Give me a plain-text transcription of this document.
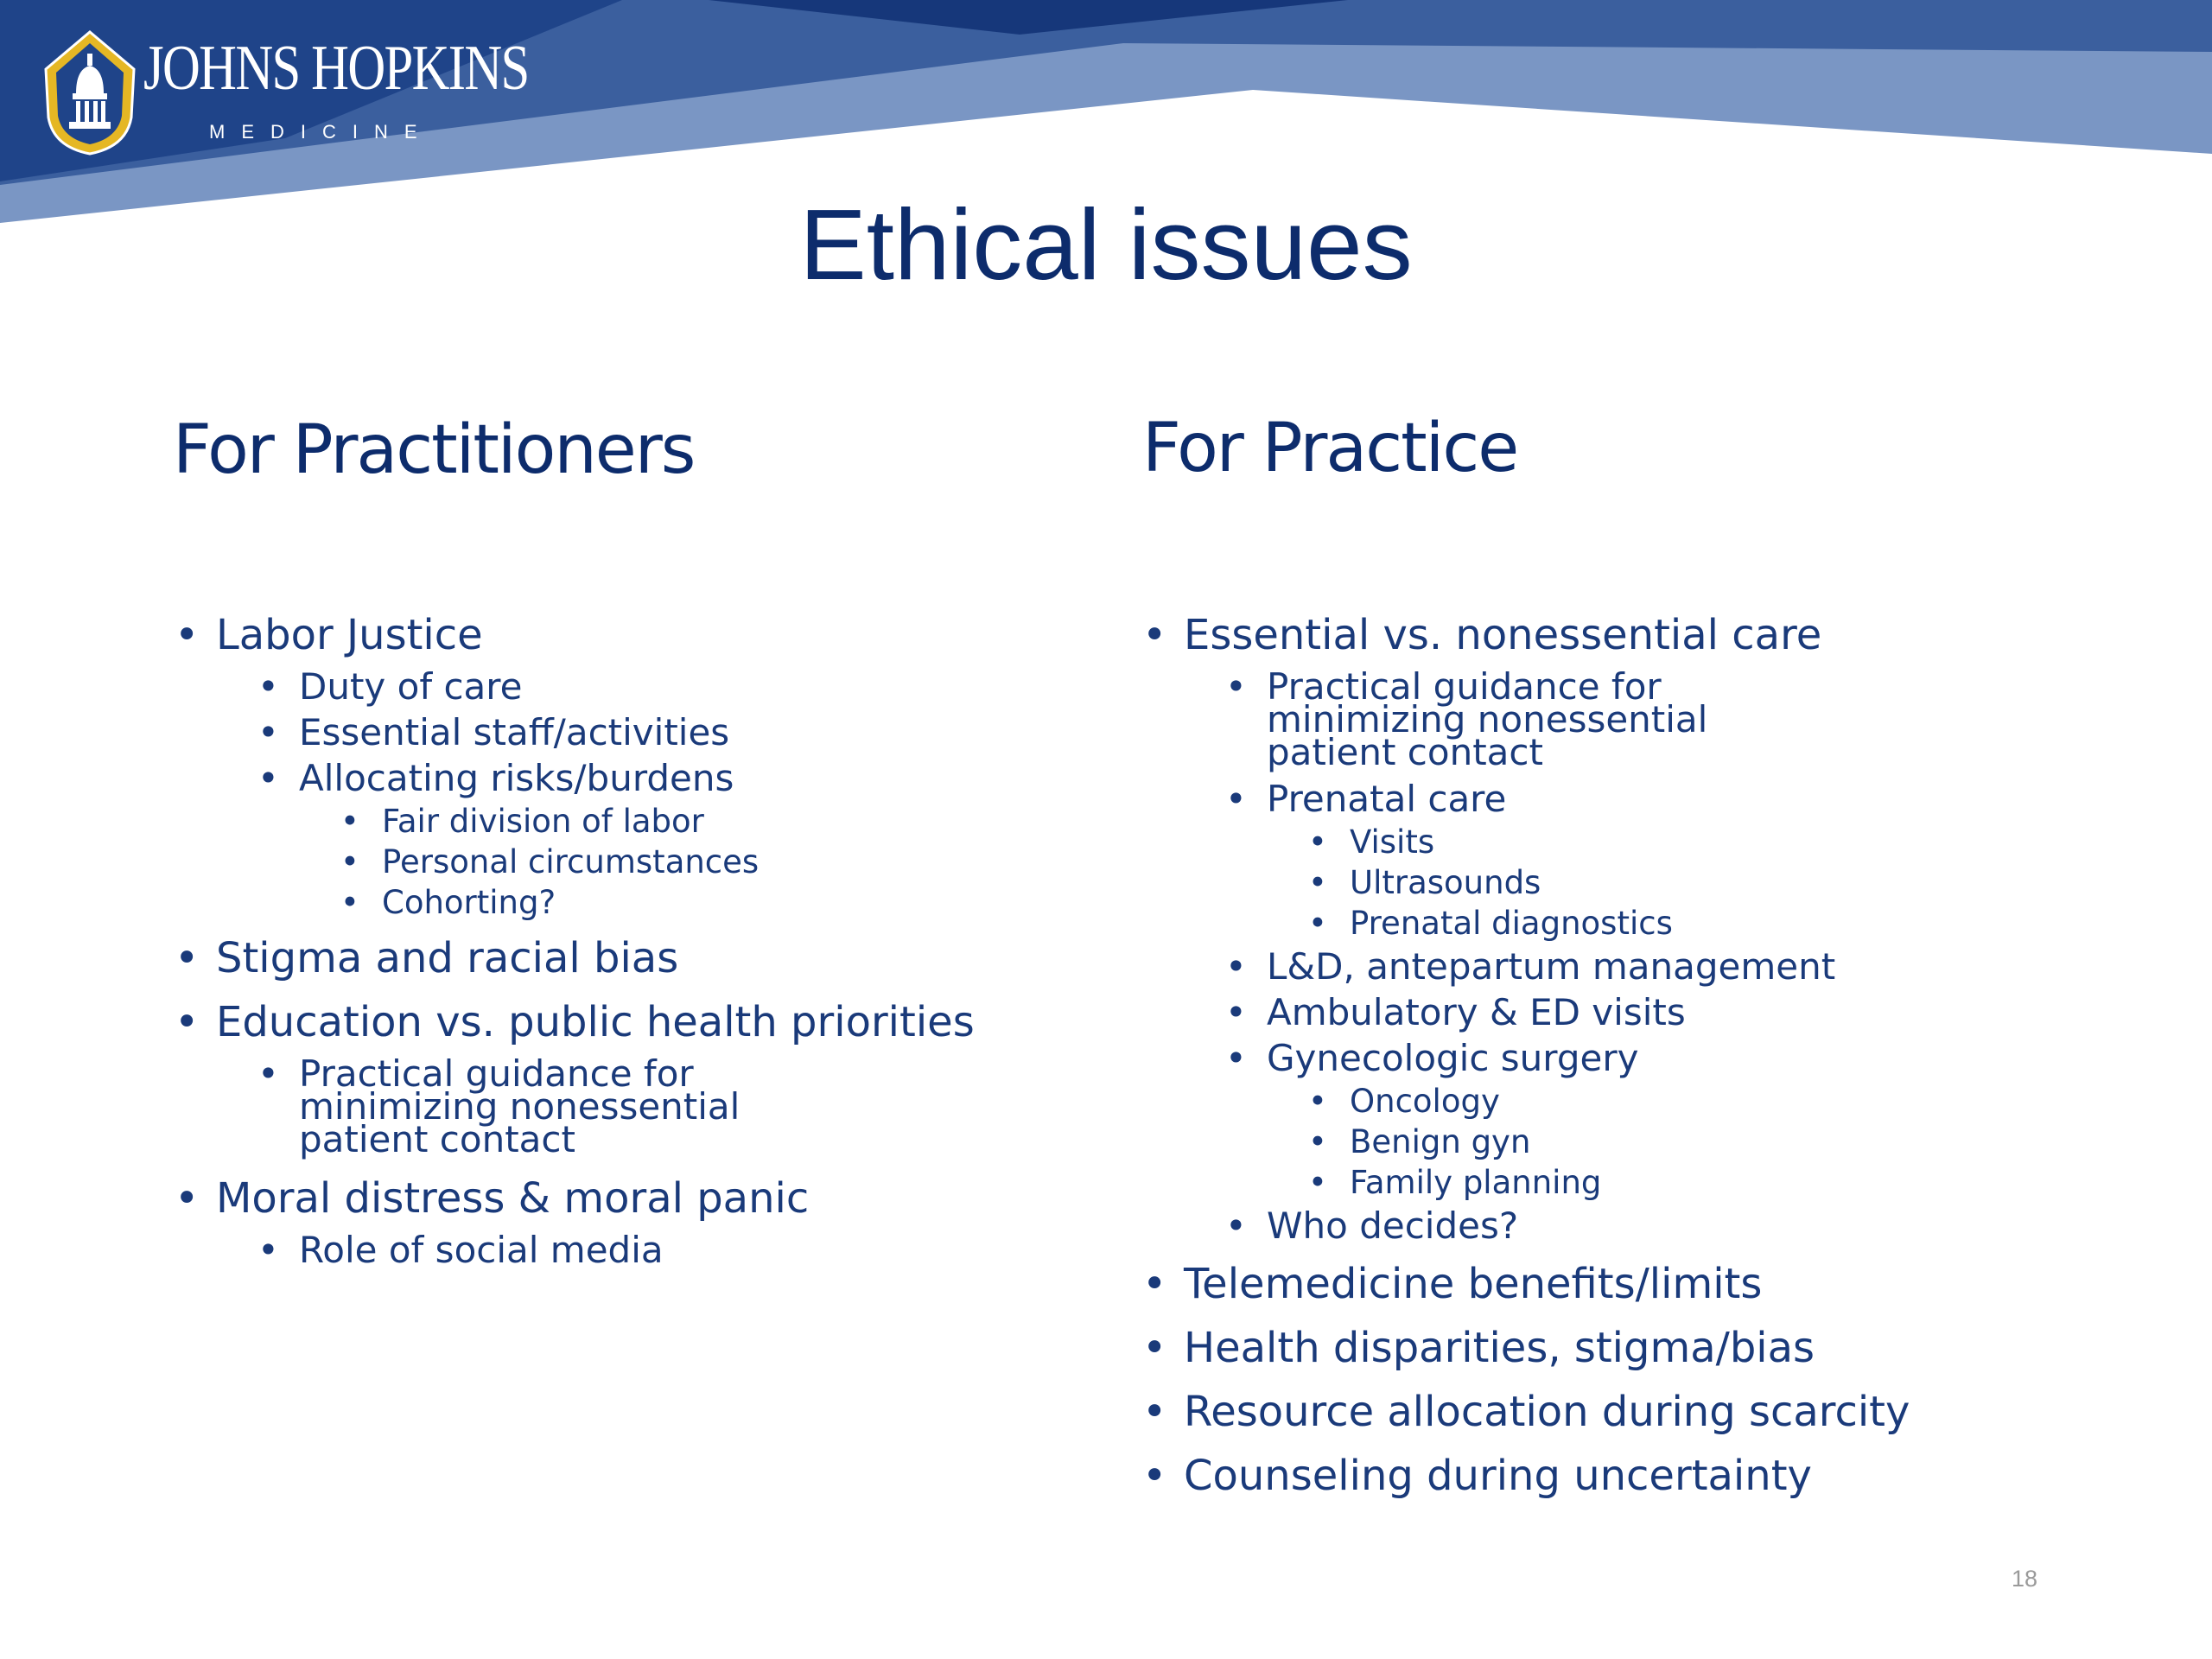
JOHNS HOPKINS
MEDICINE
Ethical issues
For Practitioners	For Practice
• Labor Justice
• Duty of care
• Essential staff/activities
• Allocating risks/burdens
• Fair division of labor
• Personal circumstances
• Cohorting?
• Stigma and racial bias
• Education vs. public health priorities
• Practical guidance for minimizing nonessential patient contact
• Moral distress & moral panic
• Role of social media
• Essential vs. nonessential care
• Practical guidance for minimizing nonessential patient contact
• Prenatal care
• Visits
• Ultrasounds
• Prenatal diagnostics
• L&D, antepartum management
• Ambulatory & ED visits
• Gynecologic surgery
• Oncology
• Benign gyn
• Family planning
• Who decides?
• Telemedicine benefits/limits
• Health disparities, stigma/bias
• Resource allocation during scarcity
• Counseling during uncertainty
18
